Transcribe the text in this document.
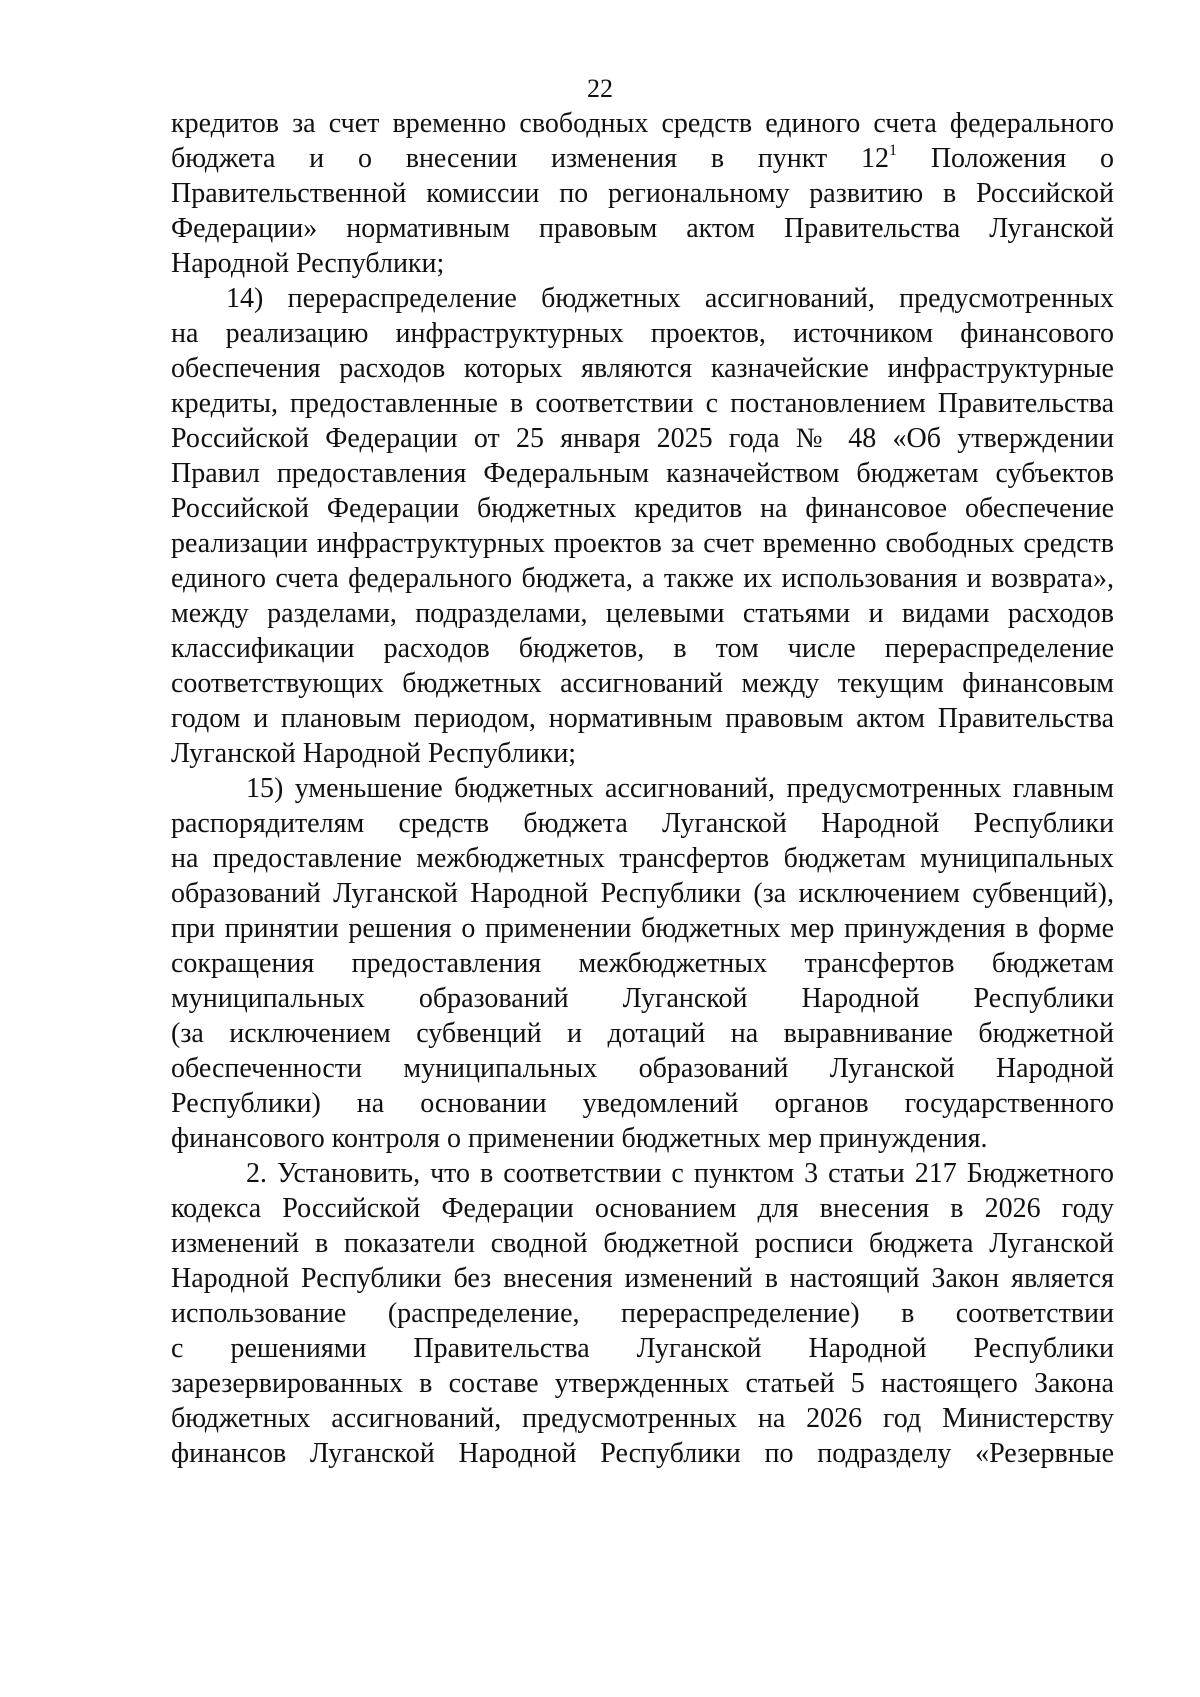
22
кредитов за счет временно свободных средств единого счета федерального
бюджета и о внесении изменения в пункт $12^1$ Положения о
Правительственной комиссии по региональному развитию в Российской
Федерации» нормативным правовым актом Правительства Луганской
Народной Республики;
14) перераспределение бюджетных ассигнований, предусмотренных
на реализацию инфраструктурных проектов, источником финансового
обеспечения расходов которых являются казначейские инфраструктурные
кредиты, предоставленные в соответствии с постановлением Правительства
Российской Федерации от 25 января 2025 года № 48 «Об утверждении
Правил предоставления Федеральным казначейством бюджетам субъектов
Российской Федерации бюджетных кредитов на финансовое обеспечение
реализации инфраструктурных проектов за счет временно свободных средств
единого счета федерального бюджета, а также их использования и возврата»,
между разделами, подразделами, целевыми статьями и видами расходов
классификации расходов бюджетов, в том числе перераспределение
соответствующих бюджетных ассигнований между текущим финансовым
годом и плановым периодом, нормативным правовым актом Правительства
Луганской Народной Республики;
15) уменьшение бюджетных ассигнований, предусмотренных главным
распорядителям средств бюджета Луганской Народной Республики
на предоставление межбюджетных трансфертов бюджетам муниципальных
образований Луганской Народной Республики (за исключением субвенций),
при принятии решения о применении бюджетных мер принуждения в форме
сокращения предоставления межбюджетных трансфертов бюджетам
муниципальных образований Луганской Народной Республики
(за исключением субвенций и дотаций на выравнивание бюджетной
обеспеченности муниципальных образований Луганской Народной
Республики) на основании уведомлений органов государственного
финансового контроля о применении бюджетных мер принуждения.
2. Установить, что в соответствии с пунктом 3 статьи 217 Бюджетного
кодекса Российской Федерации основанием для внесения в 2026 году
изменений в показатели сводной бюджетной росписи бюджета Луганской
Народной Республики без внесения изменений в настоящий Закон является
использование (распределение, перераспределение) в соответствии
с решениями Правительства Луганской Народной Республики
зарезервированных в составе утвержденных статьей 5 настоящего Закона
бюджетных ассигнований, предусмотренных на 2026 год Министерству
финансов Луганской Народной Республики по подразделу «Резервные
